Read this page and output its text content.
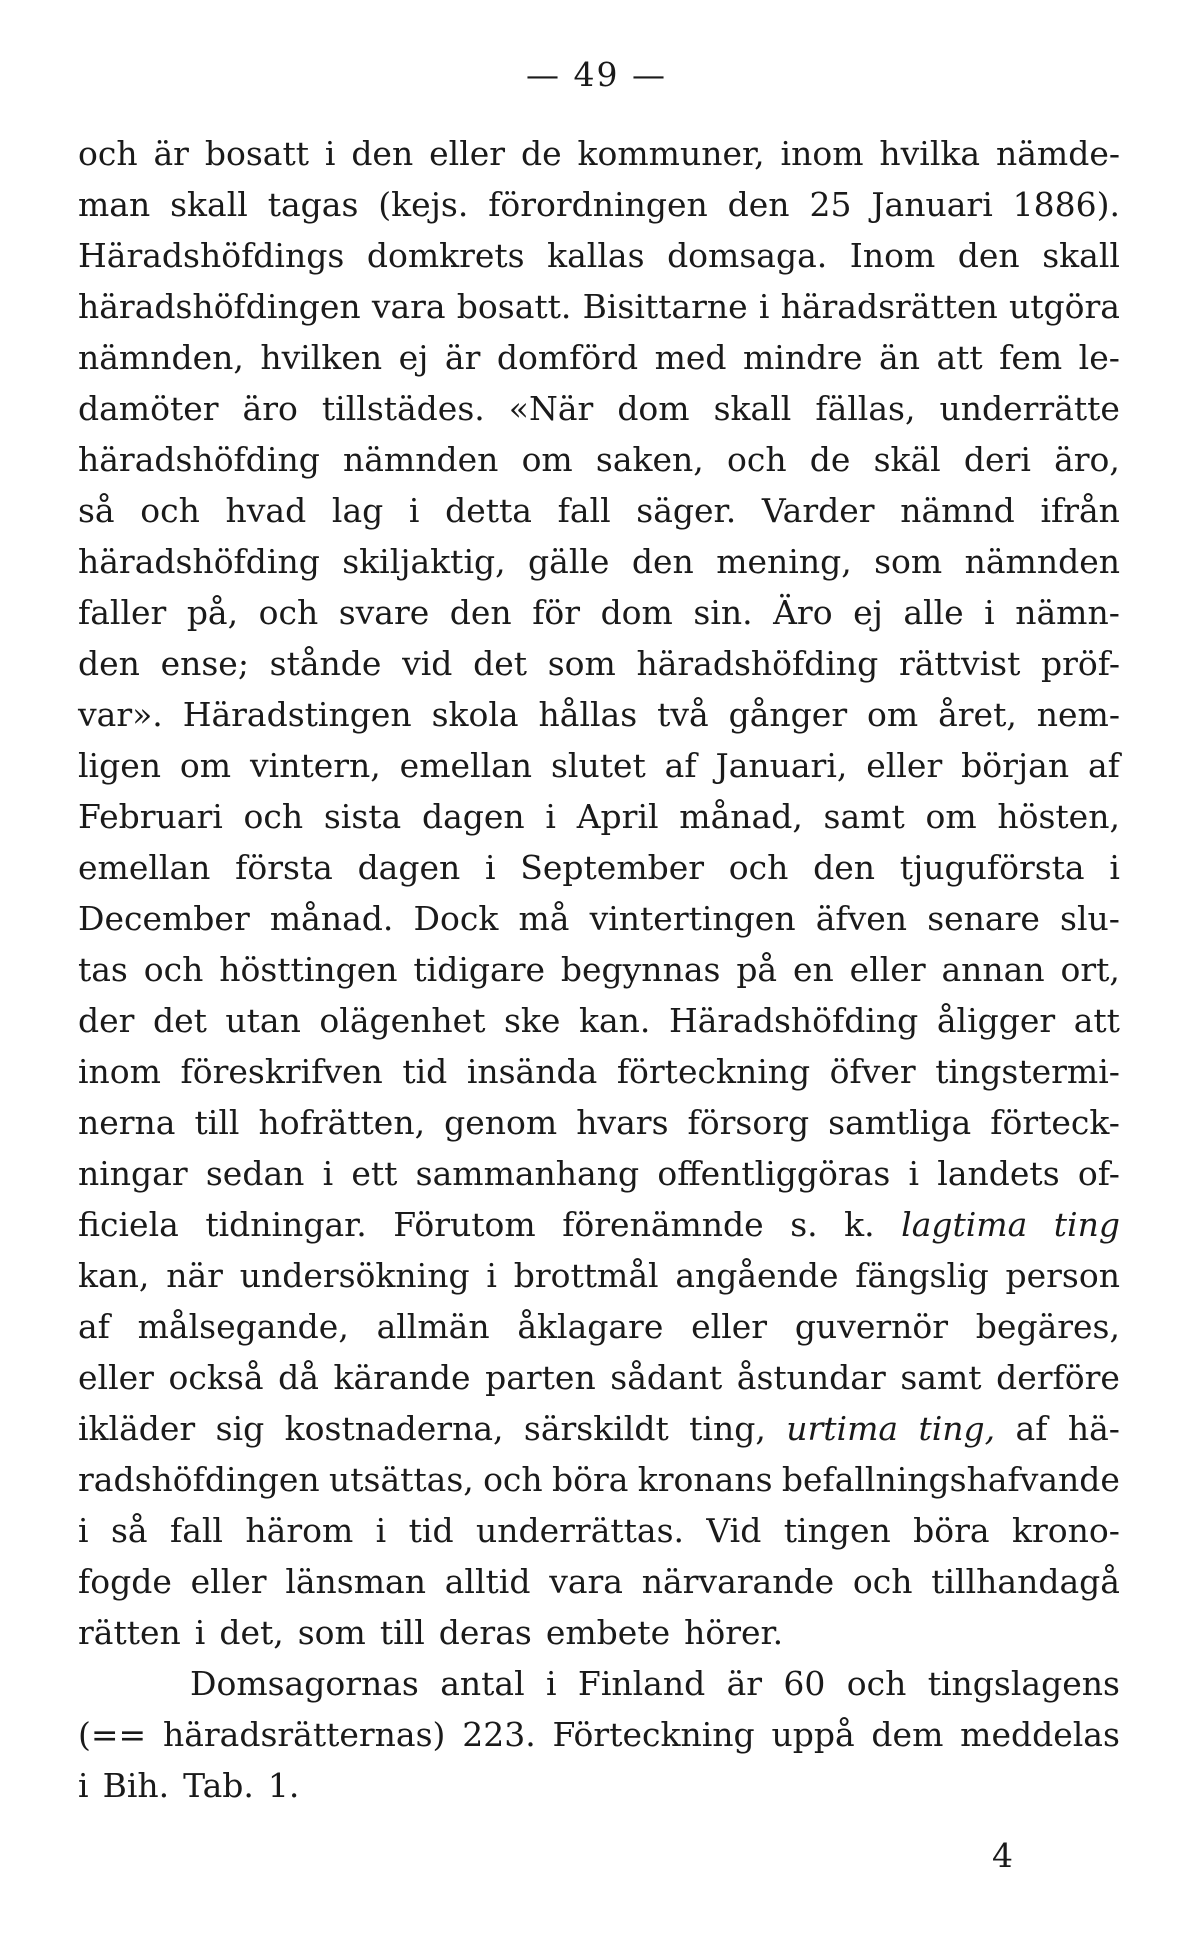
— 49 —
och är bosatt i den eller de kommuner, inom hvilka nämde-
man skall tagas (kejs. förordningen den 25 Januari 1886).
Häradshöfdings domkrets kallas domsaga. Inom den skall
häradshöfdingen vara bosatt. Bisittarne i häradsrätten utgöra
nämnden, hvilken ej är domförd med mindre än att fem le-
damöter äro tillstädes. «När dom skall fällas, underrätte
häradshöfding nämnden om saken, och de skäl deri äro,
så och hvad lag i detta fall säger. Varder nämnd ifrån
häradshöfding skiljaktig, gälle den mening, som nämnden
faller på, och svare den för dom sin. Äro ej alle i nämn-
den ense; stånde vid det som häradshöfding rättvist pröf-
var». Häradstingen skola hållas två gånger om året, nem-
ligen om vintern, emellan slutet af Januari, eller början af
Februari och sista dagen i April månad, samt om hösten,
emellan första dagen i September och den tjuguförsta i
December månad. Dock må vintertingen äfven senare slu-
tas och hösttingen tidigare begynnas på en eller annan ort,
der det utan olägenhet ske kan. Häradshöfding åligger att
inom föreskrifven tid insända förteckning öfver tingstermi-
nerna till hofrätten, genom hvars försorg samtliga förteck-
ningar sedan i ett sammanhang offentliggöras i landets of-
ficiela tidningar. Förutom förenämnde s. k. lagtima ting
kan, när undersökning i brottmål angående fängslig person
af målsegande, allmän åklagare eller guvernör begäres,
eller också då kärande parten sådant åstundar samt derföre
ikläder sig kostnaderna, särskildt ting, urtima ting, af hä-
radshöfdingen utsättas, och böra kronans befallningshafvande
i så fall härom i tid underrättas. Vid tingen böra krono-
fogde eller länsman alltid vara närvarande och tillhandagå
rätten i det, som till deras embete hörer.
Domsagornas antal i Finland är 60 och tingslagens
(== häradsrätternas) 223. Förteckning uppå dem meddelas
i Bih. Tab. 1.
4
